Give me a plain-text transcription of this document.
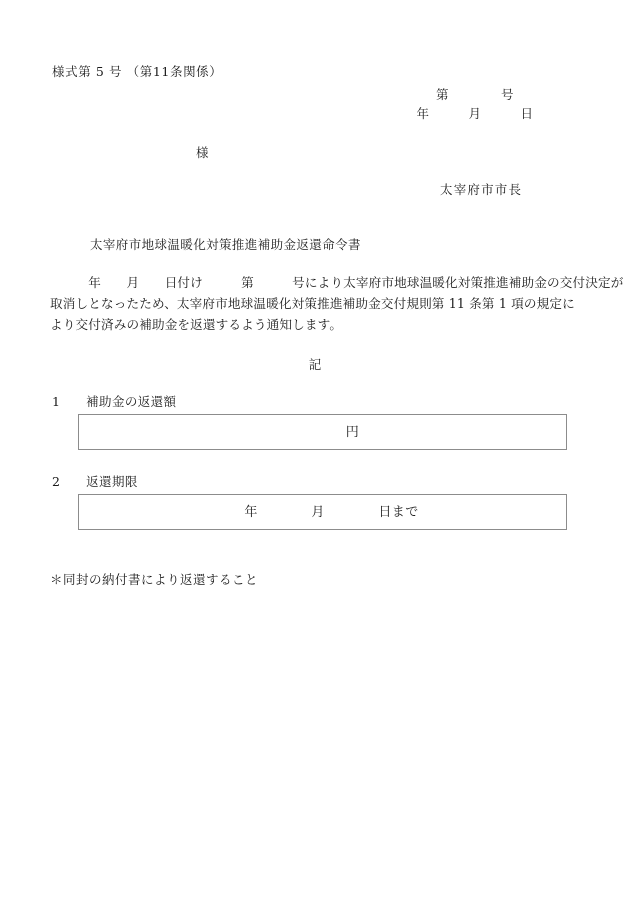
様式第 5 号 （第11条関係）
第　　　　号
年　　　月　　　日
様
太宰府市市長
太宰府市地球温暖化対策推進補助金返還命令書
　　　年　　月　　日付け　　　第　　　号により太宰府市地球温暖化対策推進補助金の交付決定が
取消しとなったため、太宰府市地球温暖化対策推進補助金交付規則第 11 条第 1 項の規定に
より交付済みの補助金を返還するよう通知します。
記
1　　補助金の返還額
円
2　　返還期限
年　　　　月　　　　日まで
＊同封の納付書により返還すること
